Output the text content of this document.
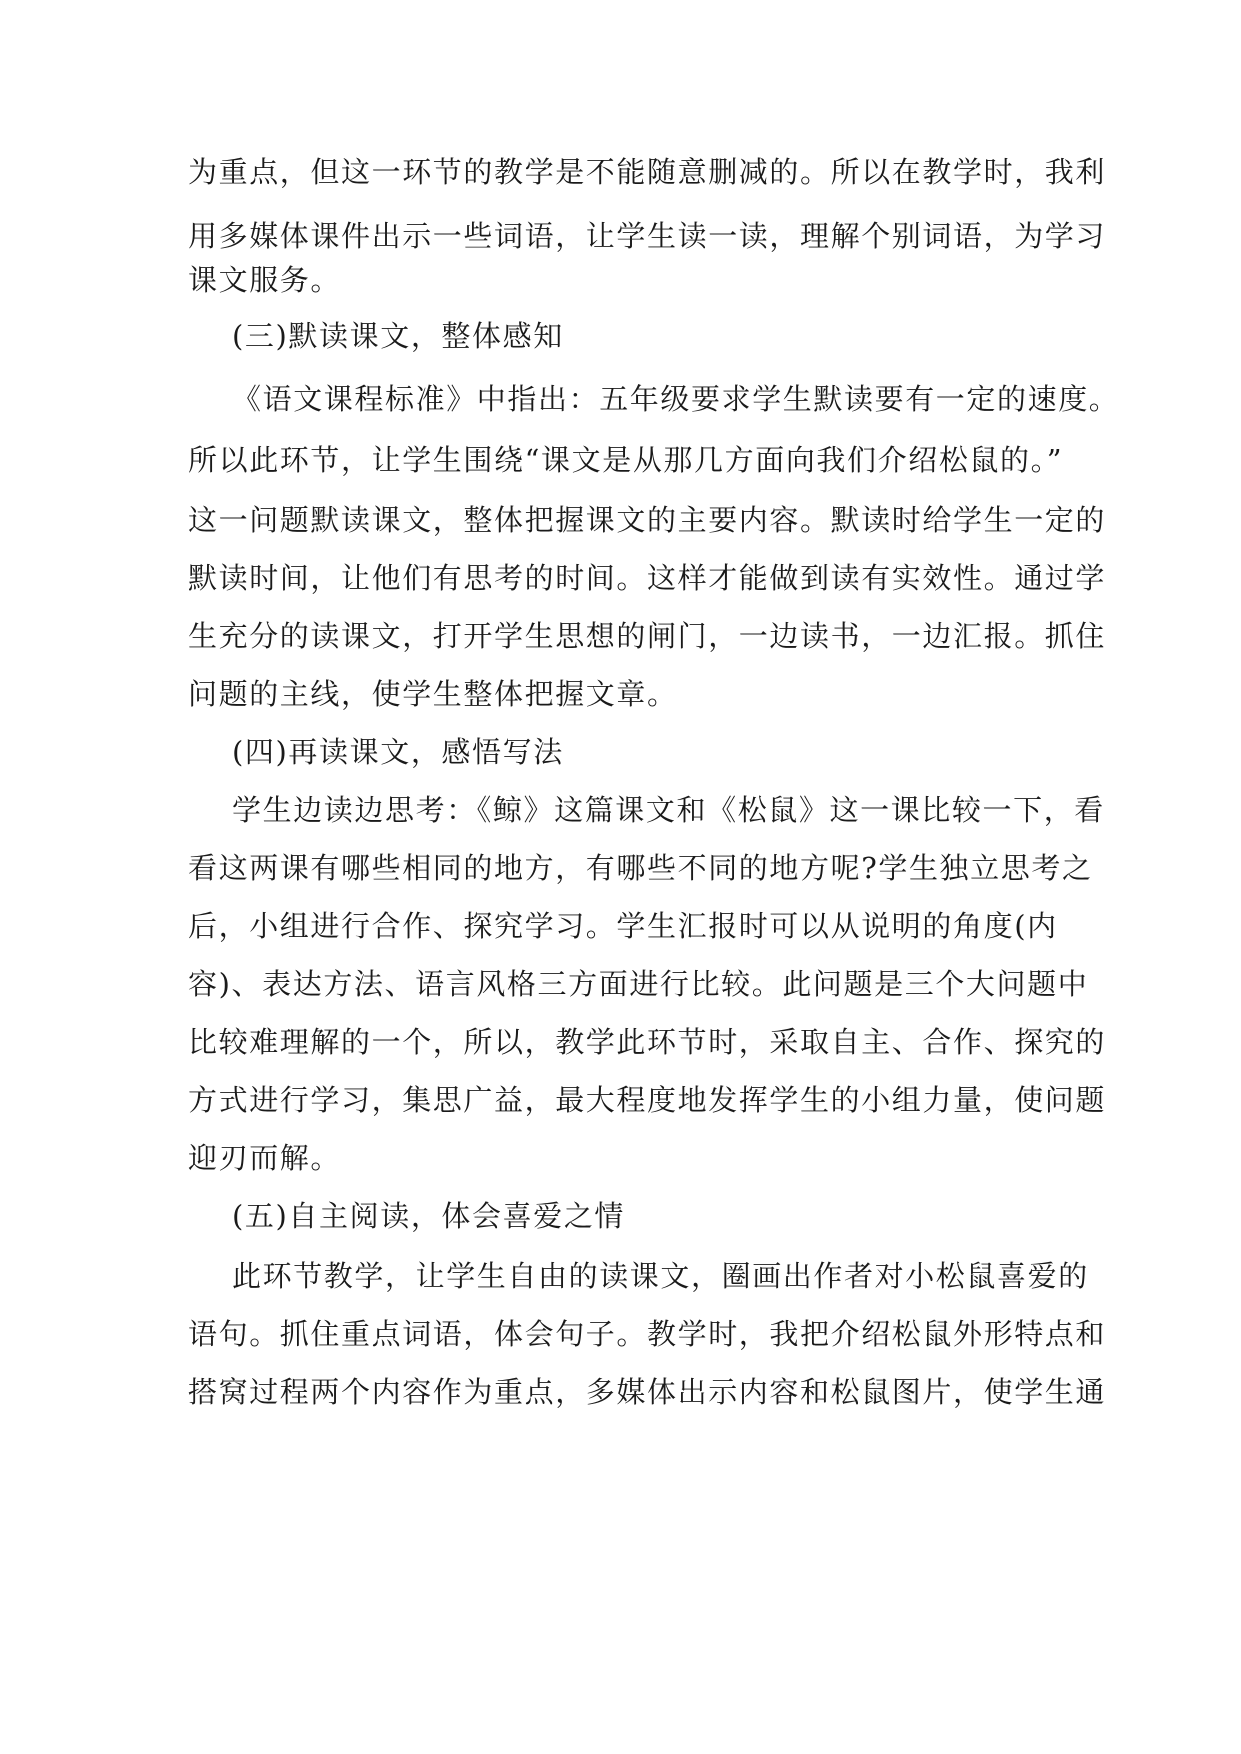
为重点，但这一环节的教学是不能随意删减的。所以在教学时，我利
用多媒体课件出示一些词语，让学生读一读，理解个别词语，为学习
课文服务。
(三)默读课文，整体感知
《语文课程标准》中指出：五年级要求学生默读要有一定的速度。
所以此环节，让学生围绕“课文是从那几方面向我们介绍松鼠的。”
这一问题默读课文，整体把握课文的主要内容。默读时给学生一定的
默读时间，让他们有思考的时间。这样才能做到读有实效性。通过学
生充分的读课文，打开学生思想的闸门，一边读书，一边汇报。抓住
问题的主线，使学生整体把握文章。
(四)再读课文，感悟写法
学生边读边思考：《鲸》这篇课文和《松鼠》这一课比较一下，看
看这两课有哪些相同的地方，有哪些不同的地方呢?学生独立思考之
后，小组进行合作、探究学习。学生汇报时可以从说明的角度(内
容)、表达方法、语言风格三方面进行比较。此问题是三个大问题中
比较难理解的一个，所以，教学此环节时，采取自主、合作、探究的
方式进行学习，集思广益，最大程度地发挥学生的小组力量，使问题
迎刃而解。
(五)自主阅读，体会喜爱之情
此环节教学，让学生自由的读课文，圈画出作者对小松鼠喜爱的
语句。抓住重点词语，体会句子。教学时，我把介绍松鼠外形特点和
搭窝过程两个内容作为重点，多媒体出示内容和松鼠图片，使学生通
